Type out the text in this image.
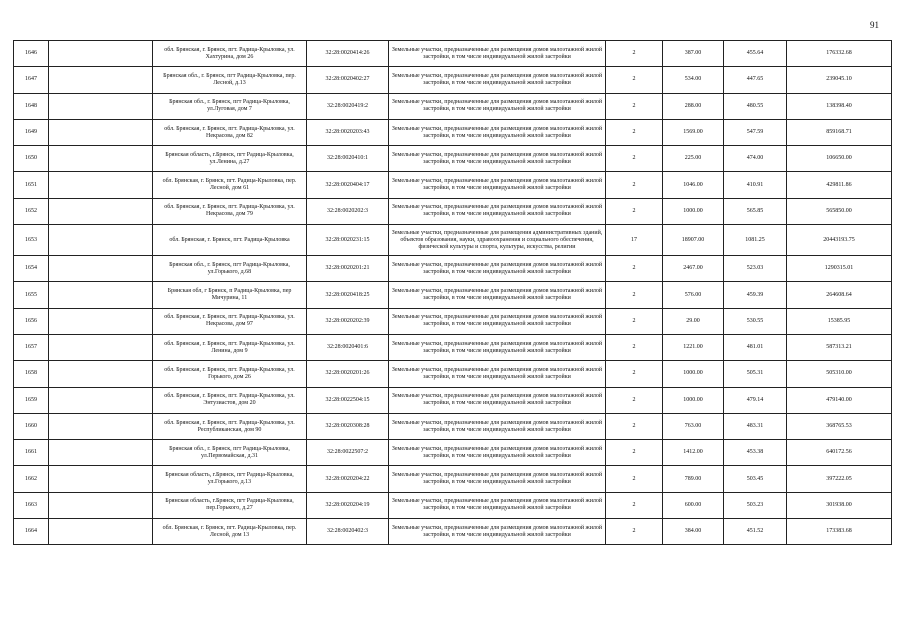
91
1646		обл. Брянская, г. Брянск, пгт. Радица-Крыловка, ул. Хахтурина, дом 26	32:28:0020414:26	Земельные участки, предназначенные для размещения домов малоэтажной жилой застройки, в том числе индивидуальной жилой застройки	2	387.00	455.64	176332.68
1647		Брянская обл., г. Брянск, пгт Радица-Крыловка, пер. Лесной, д.13	32:28:0020402:27	Земельные участки, предназначенные для размещения домов малоэтажной жилой застройки, в том числе индивидуальной жилой застройки	2	534.00	447.65	239045.10
1648		Брянская обл., г. Брянск, пгт Радица-Крыловка, ул.Луговая, дом 7	32:28:0020419:2	Земельные участки, предназначенные для размещения домов малоэтажной жилой застройки, в том числе индивидуальной жилой застройки	2	288.00	480.55	138398.40
1649		обл. Брянская, г. Брянск, пгт. Радица-Крыловка, ул. Некрасова, дом 82	32:28:0020203:43	Земельные участки, предназначенные для размещения домов малоэтажной жилой застройки, в том числе индивидуальной жилой застройки	2	1569.00	547.59	859168.71
1650		Брянская область, г.Брянск, пгт Радица-Крыловка, ул.Ленина, д.27	32:28:0020410:1	Земельные участки, предназначенные для размещения домов малоэтажной жилой застройки, в том числе индивидуальной жилой застройки	2	225.00	474.00	106650.00
1651		обл. Брянская, г. Брянск, пгт. Радица-Крыловка, пер. Лесной, дом 61	32:28:0020404:17	Земельные участки, предназначенные для размещения домов малоэтажной жилой застройки, в том числе индивидуальной жилой застройки	2	1046.00	410.91	429811.86
1652		обл. Брянская, г. Брянск, пгт. Радица-Крыловка, ул. Некрасова, дом 79	32:28:0020202:3	Земельные участки, предназначенные для размещения домов малоэтажной жилой застройки, в том числе индивидуальной жилой застройки	2	1000.00	565.85	565850.00
1653		обл. Брянская, г. Брянск, пгт. Радица-Крыловка	32:28:0020231:15	Земельные участки, предназначенные для размещения административных зданий, объектов образования, науки, здравоохранения и социального обеспечения, физической культуры и спорта, культуры, искусства, религии	17	18907.00	1081.25	20443193.75
1654		Брянская обл., г. Брянск, пгт Радица-Крыловка, ул.Горького, д.68	32:28:0020201:21	Земельные участки, предназначенные для размещения домов малоэтажной жилой застройки, в том числе индивидуальной жилой застройки	2	2467.00	523.03	1290315.01
1655		Брянская обл, г Брянск, п Радица-Крыловка, пер Мичурина, 11	32:28:0020418:25	Земельные участки, предназначенные для размещения домов малоэтажной жилой застройки, в том числе индивидуальной жилой застройки	2	576.00	459.39	264608.64
1656		обл. Брянская, г. Брянск, пгт. Радица-Крыловка, ул. Некрасова, дом 97	32:28:0020202:39	Земельные участки, предназначенные для размещения домов малоэтажной жилой застройки, в том числе индивидуальной жилой застройки	2	29.00	530.55	15385.95
1657		обл. Брянская, г. Брянск, пгт. Радица-Крыловка, ул. Ленина, дом 9	32:28:0020401:6	Земельные участки, предназначенные для размещения домов малоэтажной жилой застройки, в том числе индивидуальной жилой застройки	2	1221.00	481.01	587313.21
1658		обл. Брянская, г. Брянск, пгт. Радица-Крыловка, ул. Горького, дом 26	32:28:0020201:26	Земельные участки, предназначенные для размещения домов малоэтажной жилой застройки, в том числе индивидуальной жилой застройки	2	1000.00	505.31	505310.00
1659		обл. Брянская, г. Брянск, пгт. Радица-Крыловка, ул. Энтузиастов, дом 20	32:28:0022504:15	Земельные участки, предназначенные для размещения домов малоэтажной жилой застройки, в том числе индивидуальной жилой застройки	2	1000.00	479.14	479140.00
1660		обл. Брянская, г. Брянск, пгт. Радица-Крыловка, ул. Республиканская, дом 90	32:28:0020308:28	Земельные участки, предназначенные для размещения домов малоэтажной жилой застройки, в том числе индивидуальной жилой застройки	2	763.00	483.31	368765.53
1661		Брянская обл., г. Брянск, пгт Радица-Крыловка, ул.Первомайская, д.31	32:28:0022507:2	Земельные участки, предназначенные для размещения домов малоэтажной жилой застройки, в том числе индивидуальной жилой застройки	2	1412.00	453.38	640172.56
1662		Брянская область, г.Брянск, пгт Радица-Крыловка, ул.Горького, д.13	32:28:0020204:22	Земельные участки, предназначенные для размещения домов малоэтажной жилой застройки, в том числе индивидуальной жилой застройки	2	789.00	503.45	397222.05
1663		Брянская область, г.Брянск, пгт Радица-Крыловка, пер.Горького, д.27	32:28:0020204:19	Земельные участки, предназначенные для размещения домов малоэтажной жилой застройки, в том числе индивидуальной жилой застройки	2	600.00	503.23	301938.00
1664		обл. Брянская, г. Брянск, пгт. Радица-Крыловка, пер. Лесной, дом 13	32:28:0020402:3	Земельные участки, предназначенные для размещения домов малоэтажной жилой застройки, в том числе индивидуальной жилой застройки	2	384.00	451.52	173383.68
